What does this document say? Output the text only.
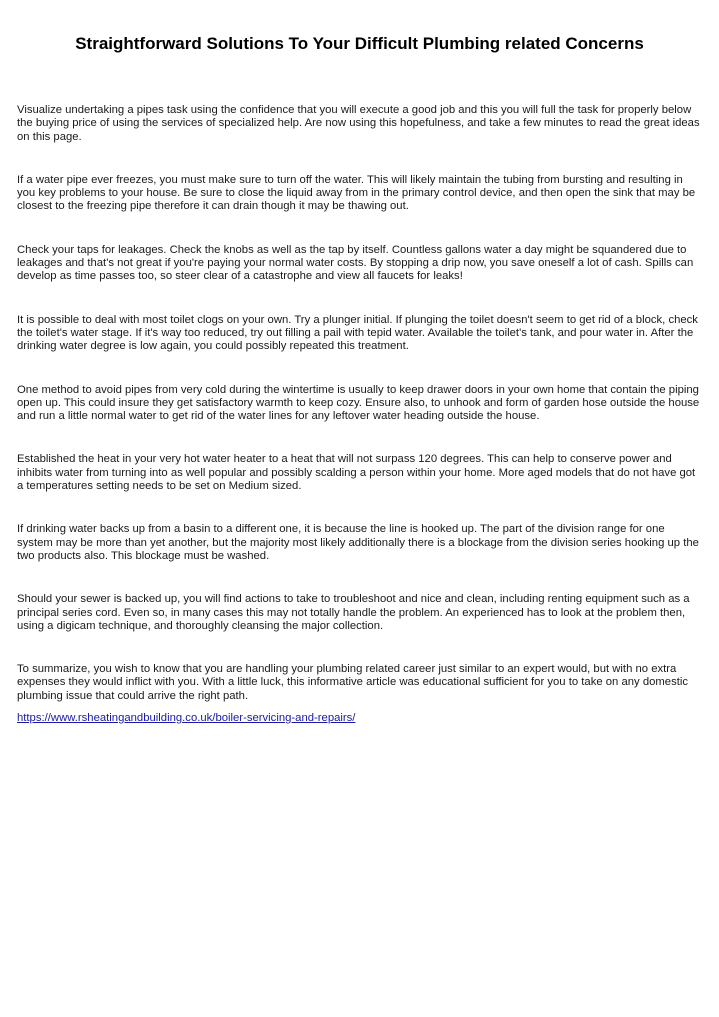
Straightforward Solutions To Your Difficult Plumbing related Concerns

Visualize undertaking a pipes task using the confidence that you will execute a good job and this you will full the task for properly below the buying price of using the services of specialized help. Are now using this hopefulness, and take a few minutes to read the great ideas on this page.

If a water pipe ever freezes, you must make sure to turn off the water. This will likely maintain the tubing from bursting and resulting in you key problems to your house. Be sure to close the liquid away from in the primary control device, and then open the sink that may be closest to the freezing pipe therefore it can drain though it may be thawing out.

Check your taps for leakages. Check the knobs as well as the tap by itself. Countless gallons water a day might be squandered due to leakages and that's not great if you're paying your normal water costs. By stopping a drip now, you save oneself a lot of cash. Spills can develop as time passes too, so steer clear of a catastrophe and view all faucets for leaks!

It is possible to deal with most toilet clogs on your own. Try a plunger initial. If plunging the toilet doesn't seem to get rid of a block, check the toilet's water stage. If it's way too reduced, try out filling a pail with tepid water. Available the toilet's tank, and pour water in. After the drinking water degree is low again, you could possibly repeated this treatment.

One method to avoid pipes from very cold during the wintertime is usually to keep drawer doors in your own home that contain the piping open up. This could insure they get satisfactory warmth to keep cozy. Ensure also, to unhook and form of garden hose outside the house and run a little normal water to get rid of the water lines for any leftover water heading outside the house.

Established the heat in your very hot water heater to a heat that will not surpass 120 degrees. This can help to conserve power and inhibits water from turning into as well popular and possibly scalding a person within your home. More aged models that do not have got a temperatures setting needs to be set on Medium sized.

If drinking water backs up from a basin to a different one, it is because the line is hooked up. The part of the division range for one system may be more than yet another, but the majority most likely additionally there is a blockage from the division series hooking up the two products also. This blockage must be washed.

Should your sewer is backed up, you will find actions to take to troubleshoot and nice and clean, including renting equipment such as a principal series cord. Even so, in many cases this may not totally handle the problem. An experienced has to look at the problem then, using a digicam technique, and thoroughly cleansing the major collection.

To summarize, you wish to know that you are handling your plumbing related career just similar to an expert would, but with no extra expenses they would inflict with you. With a little luck, this informative article was educational sufficient for you to take on any domestic plumbing issue that could arrive the right path.

https://www.rsheatingandbuilding.co.uk/boiler-servicing-and-repairs/
